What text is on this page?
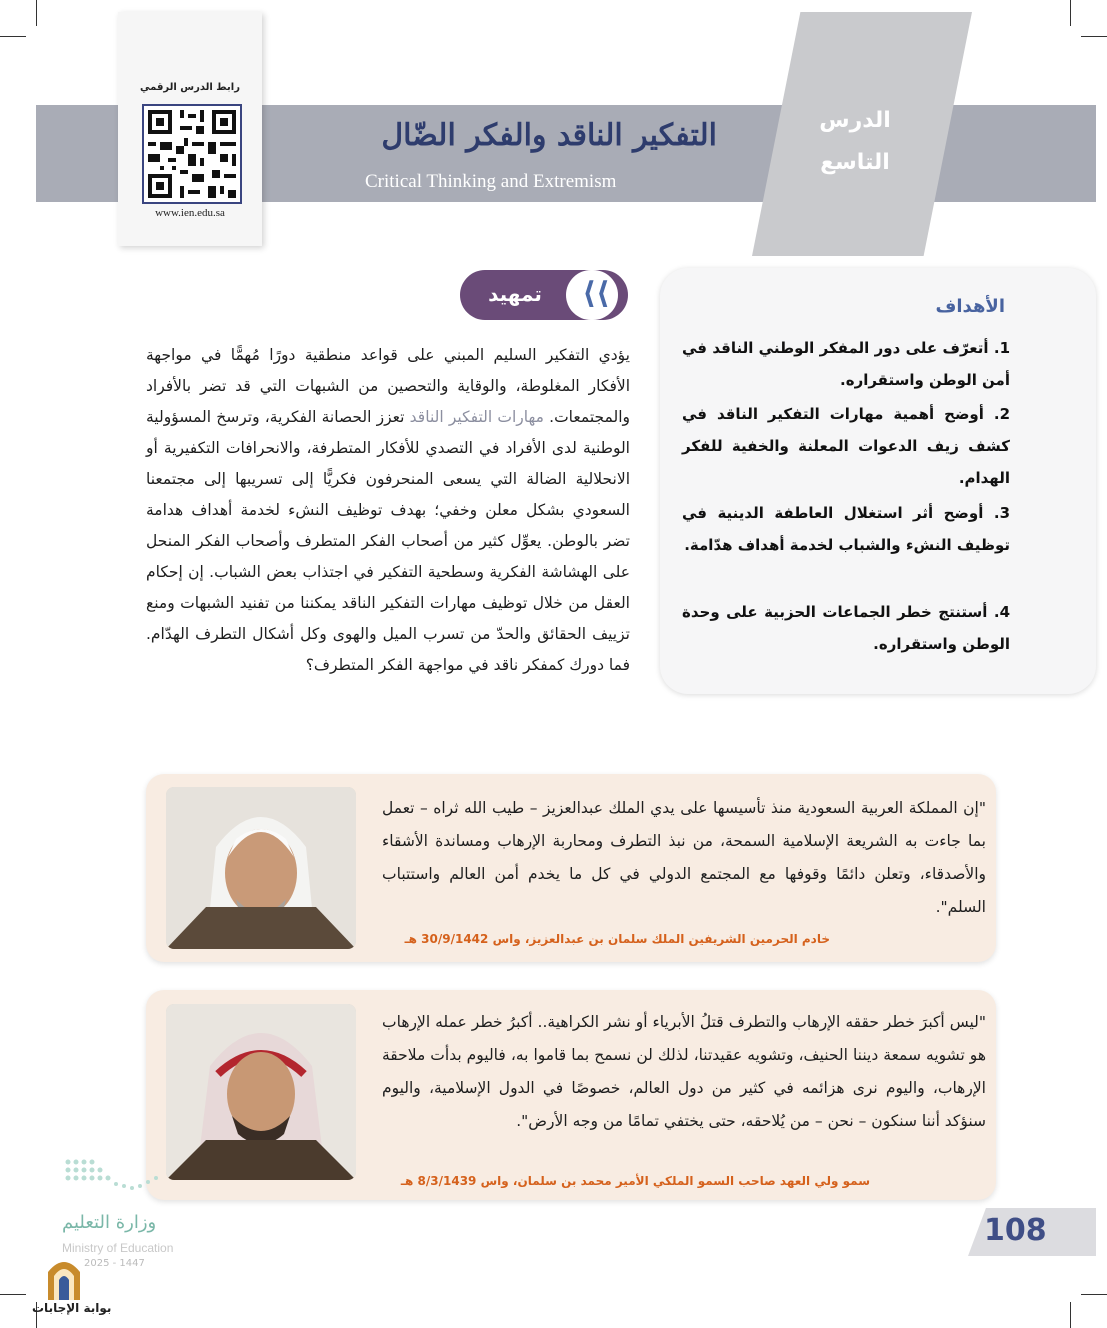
الدرس
التاسع
التفكير الناقد والفكر الضّال
Critical Thinking and Extremism
رابط الدرس الرقمي
www.ien.edu.sa
الأهداف
1. أتعرّف على دور المفكر الوطني الناقد في أمن الوطن واستقراره.
2. أوضح أهمية مهارات التفكير الناقد في كشف زيف الدعوات المعلنة والخفية للفكر الهدام.
3. أوضح أثر استغلال العاطفة الدينية في توظيف النشء والشباب لخدمة أهداف هدّامة.
4. أستنتج خطر الجماعات الحزبية على وحدة الوطن واستقراره.
تمهيد	⟨⟨
يؤدي التفكير السليم المبني على قواعد منطقية دورًا مُهمًّا في مواجهة الأفكار المغلوطة، والوقاية والتحصين من الشبهات التي قد تضر بالأفراد والمجتمعات. مهارات التفكير الناقد تعزز الحصانة الفكرية، وترسخ المسؤولية الوطنية لدى الأفراد في التصدي للأفكار المتطرفة، والانحرافات التكفيرية أو الانحلالية الضالة التي يسعى المنحرفون فكريًّا إلى تسريبها إلى مجتمعنا السعودي بشكل معلن وخفي؛ بهدف توظيف النشء لخدمة أهداف هدامة تضر بالوطن. يعوِّل كثير من أصحاب الفكر المتطرف وأصحاب الفكر المنحل على الهشاشة الفكرية وسطحية التفكير في اجتذاب بعض الشباب. إن إحكام العقل من خلال توظيف مهارات التفكير الناقد يمكننا من تفنيد الشبهات ومنع تزييف الحقائق والحدّ من تسرب الميل والهوى وكل أشكال التطرف الهدّام. فما دورك كمفكر ناقد في مواجهة الفكر المتطرف؟
"إن المملكة العربية السعودية منذ تأسيسها على يدي الملك عبدالعزيز – طيب الله ثراه – تعمل بما جاءت به الشريعة الإسلامية السمحة، من نبذ التطرف ومحاربة الإرهاب ومساندة الأشقاء والأصدقاء، وتعلن دائمًا وقوفها مع المجتمع الدولي في كل ما يخدم أمن العالم واستتباب السلم".
خادم الحرمين الشريفين الملك سلمان بن عبدالعزيز، واس 30/9/1442 هـ
"ليس أكبرَ خطر حققه الإرهاب والتطرف قتلُ الأبرياء أو نشر الكراهية.. أكبرُ خطر عمله الإرهاب هو تشويه سمعة ديننا الحنيف، وتشويه عقيدتنا، لذلك لن نسمح بما قاموا به، فاليوم بدأت ملاحقة الإرهاب، واليوم نرى هزائمه في كثير من دول العالم، خصوصًا في الدول الإسلامية، واليوم سنؤكد أننا سنكون – نحن – من يُلاحقه، حتى يختفي تمامًا من وجه الأرض".
سمو ولي العهد صاحب السمو الملكي الأمير محمد بن سلمان، واس 8/3/1439 هـ
108
وزارة التعليم
Ministry of Education
2025 - 1447
بوابة الإجابات
